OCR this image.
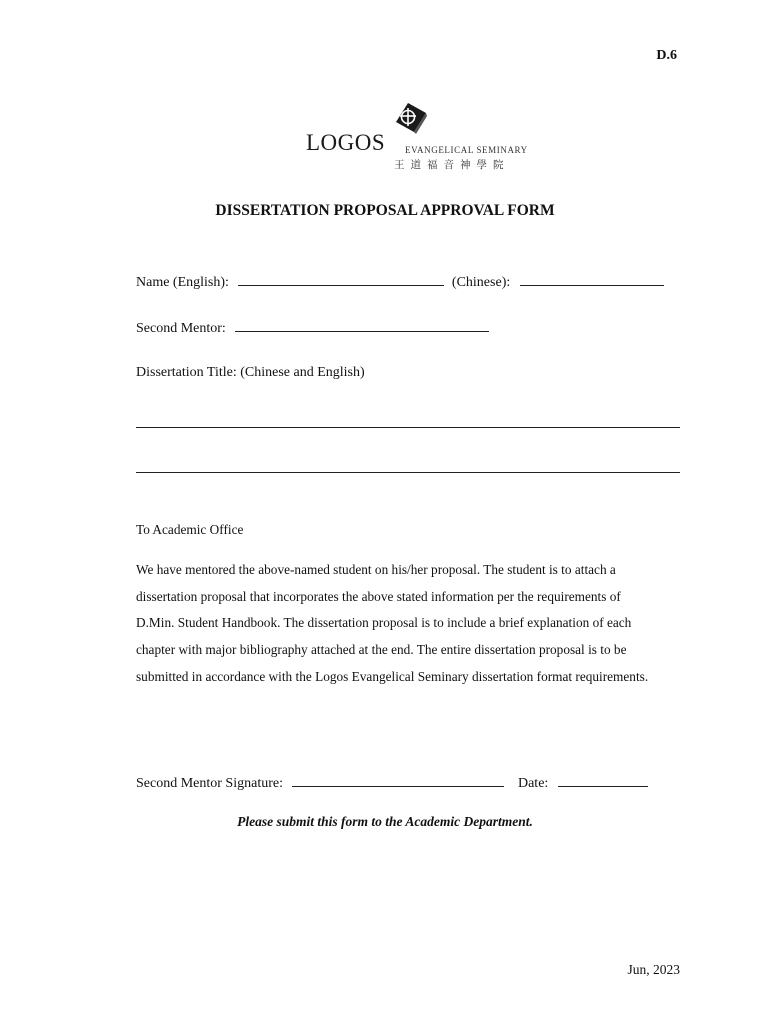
D.6
LOGOS EVANGELICAL SEMINARY
王道福音神學院
DISSERTATION PROPOSAL APPROVAL FORM
Name (English):	(Chinese):
Second Mentor:
Dissertation Title: (Chinese and English)
To Academic Office

We have mentored the above-named student on his/her proposal. The student is to attach a

dissertation proposal that incorporates the above stated information per the requirements of

D.Min. Student Handbook. The dissertation proposal is to include a brief explanation of each

chapter with major bibliography attached at the end. The entire dissertation proposal is to be

submitted in accordance with the Logos Evangelical Seminary dissertation format requirements.

Second Mentor Signature:	Date:
Please submit this form to the Academic Department.
Jun, 2023
